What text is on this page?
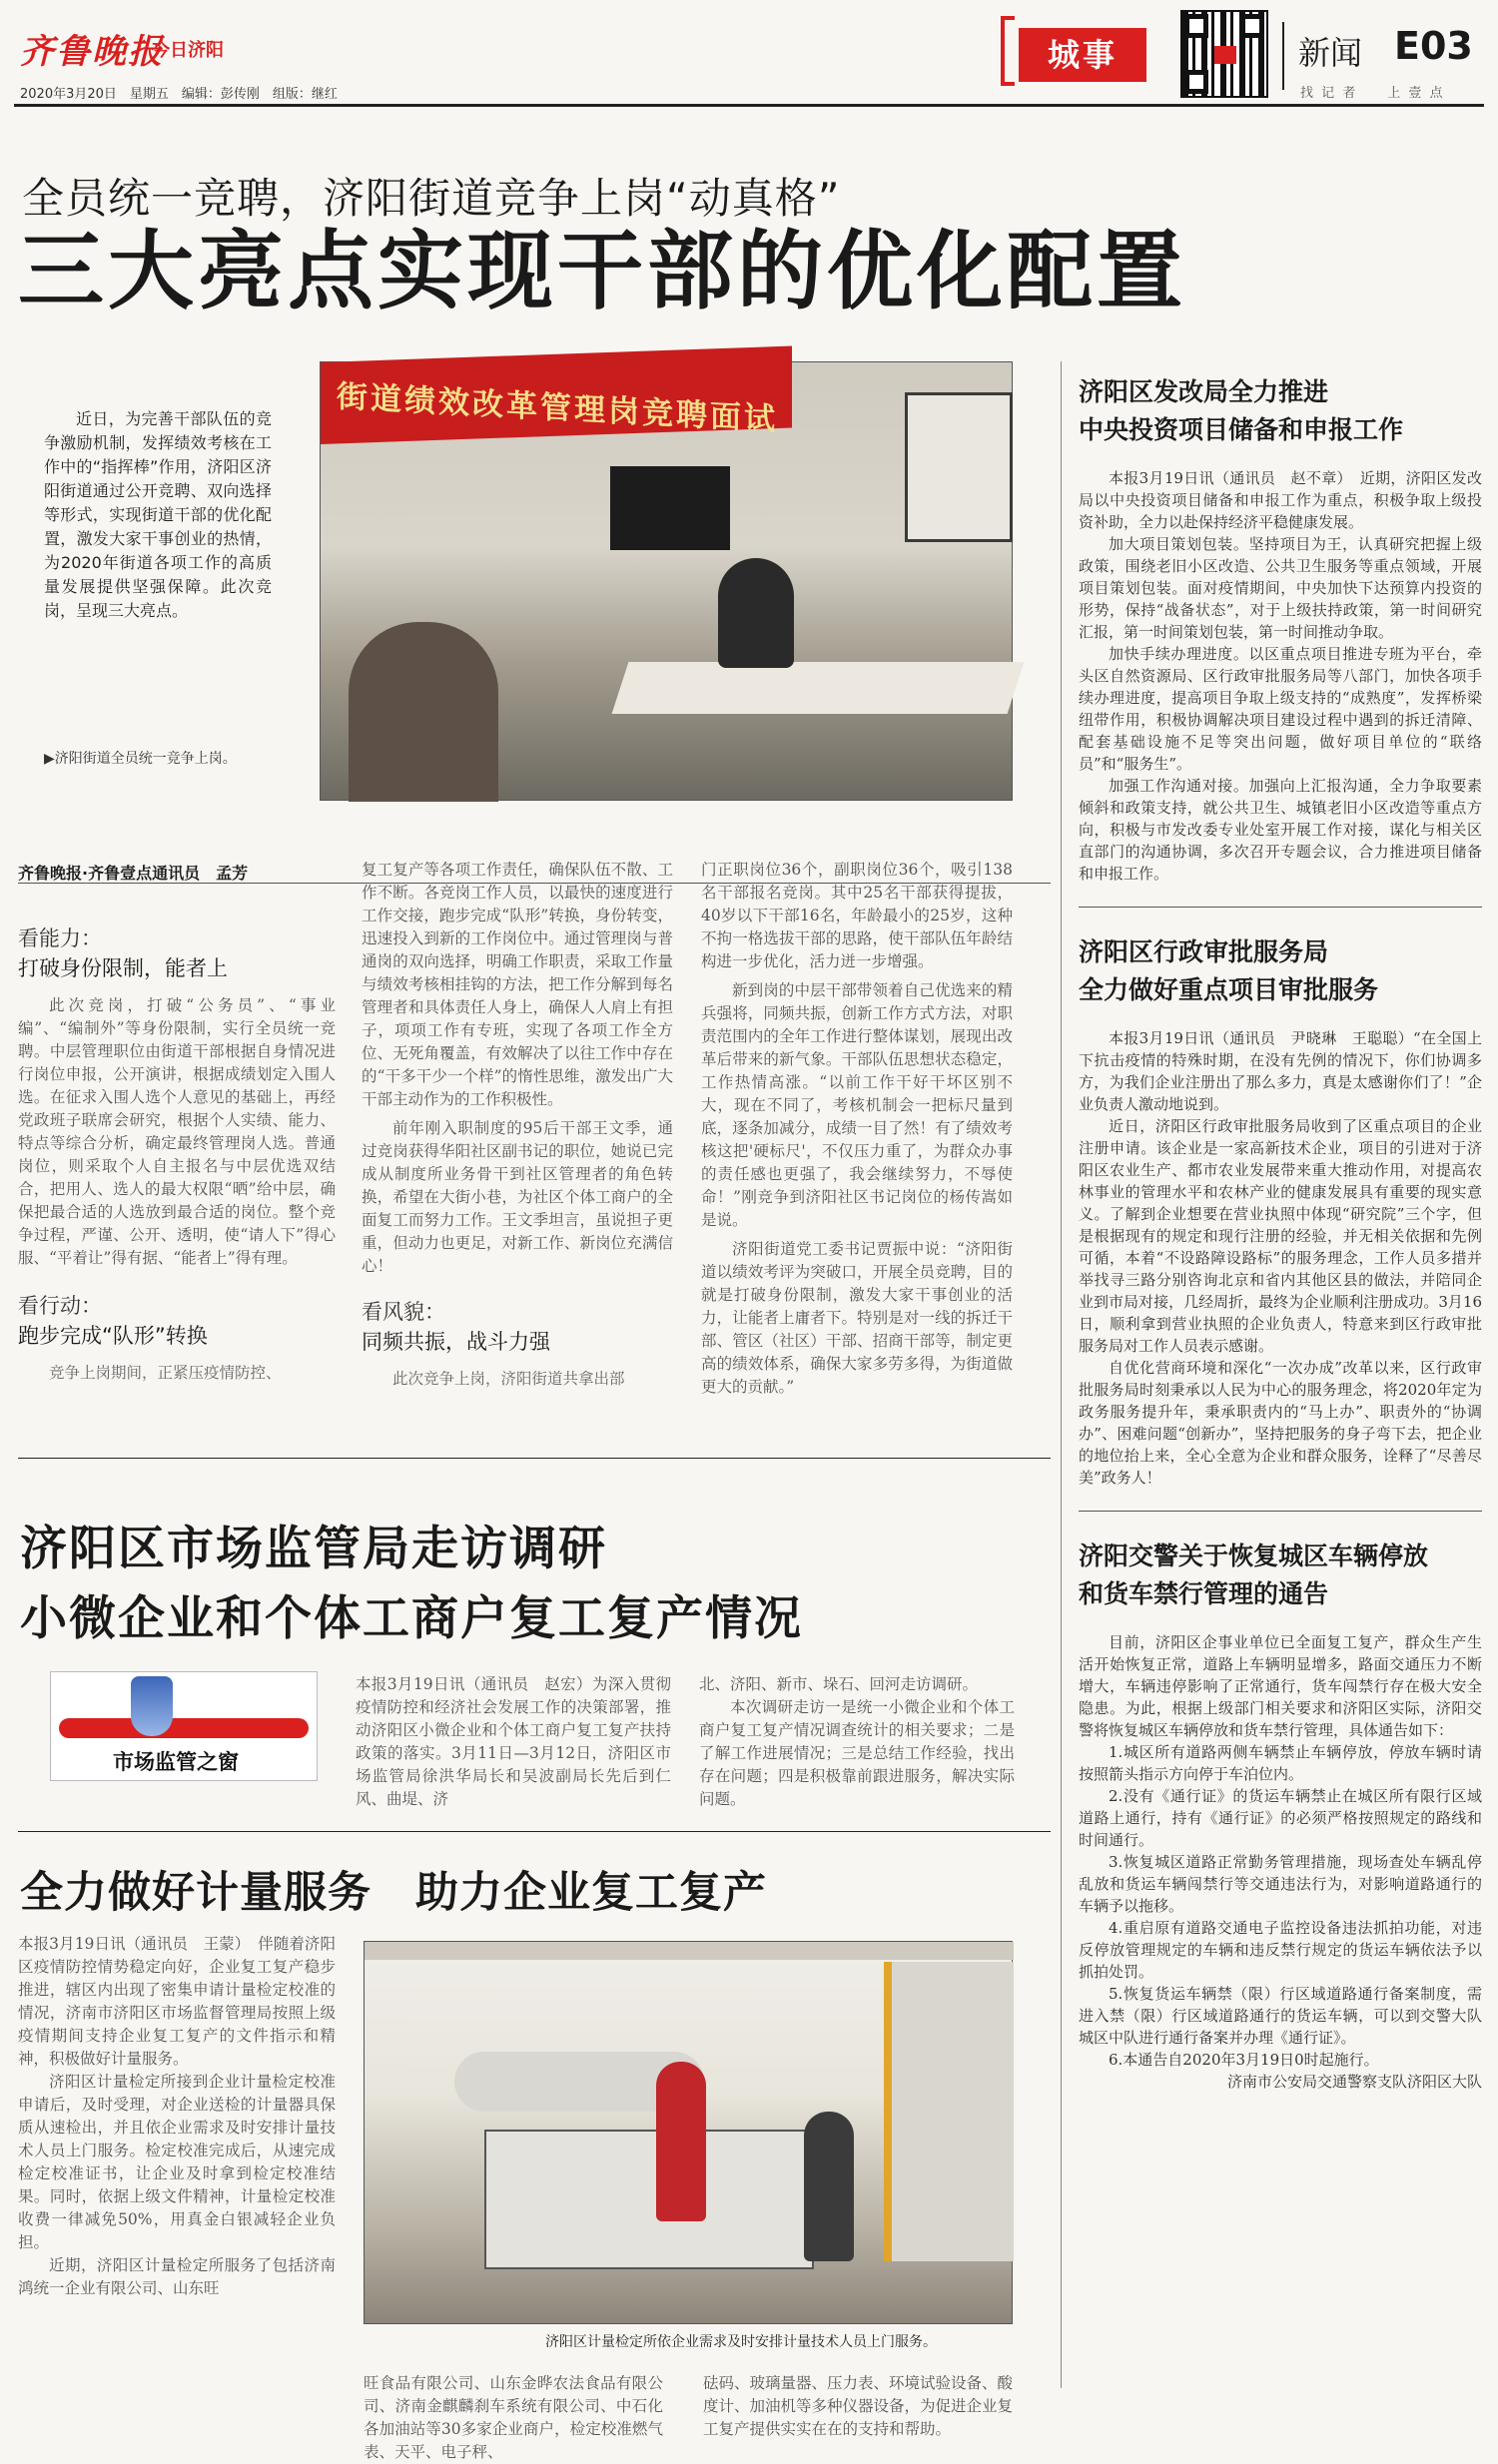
齐鲁晚报
今日济阳
2020年3月20日　星期五　编辑：彭传刚　组版：继红
城事	新闻 E03
找 记 者　　上 壹 点
全员统一竞聘，济阳街道竞争上岗“动真格”
三大亮点实现干部的优化配置
近日，为完善干部队伍的竞争激励机制，发挥绩效考核在工作中的“指挥棒”作用，济阳区济阳街道通过公开竞聘、双向选择等形式，实现街道干部的优化配置，激发大家干事创业的热情，为2020年街道各项工作的高质量发展提供坚强保障。此次竞岗，呈现三大亮点。
▶济阳街道全员统一竞争上岗。
街道绩效改革管理岗竞聘面试
齐鲁晚报·齐鲁壹点通讯员　孟芳
看能力：
打破身份限制，能者上
此次竞岗，打破“公务员”、“事业编”、“编制外”等身份限制，实行全员统一竞聘。中层管理职位由街道干部根据自身情况进行岗位申报，公开演讲，根据成绩划定入围人选。在征求入围人选个人意见的基础上，再经党政班子联席会研究，根据个人实绩、能力、特点等综合分析，确定最终管理岗人选。普通岗位，则采取个人自主报名与中层优选双结合，把用人、选人的最大权限“晒”给中层，确保把最合适的人选放到最合适的岗位。整个竞争过程，严谨、公开、透明，使“请人下”得心服、“平着让”得有据、“能者上”得有理。
看行动：
跑步完成“队形”转换
竞争上岗期间，正紧压疫情防控、
复工复产等各项工作责任，确保队伍不散、工作不断。各竞岗工作人员，以最快的速度进行工作交接，跑步完成“队形”转换，身份转变，迅速投入到新的工作岗位中。通过管理岗与普通岗的双向选择，明确工作职责，采取工作量与绩效考核相挂钩的方法，把工作分解到每名管理者和具体责任人身上，确保人人肩上有担子，项项工作有专班，实现了各项工作全方位、无死角覆盖，有效解决了以往工作中存在的“干多干少一个样”的惰性思维，激发出广大干部主动作为的工作积极性。
前年刚入职制度的95后干部王文季，通过竞岗获得华阳社区副书记的职位，她说已完成从制度所业务骨干到社区管理者的角色转换，希望在大街小巷，为社区个体工商户的全面复工而努力工作。王文季坦言，虽说担子更重，但动力也更足，对新工作、新岗位充满信心！
看风貌：
同频共振，战斗力强
此次竞争上岗，济阳街道共拿出部
门正职岗位36个，副职岗位36个，吸引138名干部报名竞岗。其中25名干部获得提拔，40岁以下干部16名，年龄最小的25岁，这种不拘一格选拔干部的思路，使干部队伍年龄结构进一步优化，活力迸一步增强。
新到岗的中层干部带领着自己优选来的精兵强将，同频共振，创新工作方式方法，对职责范围内的全年工作进行整体谋划，展现出改革后带来的新气象。干部队伍思想状态稳定，工作热情高涨。“以前工作干好干坏区别不大，现在不同了，考核机制会一把标尺量到底，逐条加减分，成绩一目了然！有了绩效考核这把'硬标尺'，不仅压力重了，为群众办事的责任感也更强了，我会继续努力，不辱使命！”刚竞争到济阳社区书记岗位的杨传嵩如是说。
济阳街道党工委书记贾振中说：“济阳街道以绩效考评为突破口，开展全员竞聘，目的就是打破身份限制，激发大家干事创业的活力，让能者上庸者下。特别是对一线的拆迁干部、管区（社区）干部、招商干部等，制定更高的绩效体系，确保大家多劳多得，为街道做更大的贡献。”
济阳区市场监管局走访调研
小微企业和个体工商户复工复产情况
市场监管之窗
本报3月19日讯（通讯员　赵宏）为深入贯彻疫情防控和经济社会发展工作的决策部署，推动济阳区小微企业和个体工商户复工复产扶持政策的落实。3月11日—3月12日，济阳区市场监管局徐洪华局长和吴波副局长先后到仁风、曲堤、济
北、济阳、新市、垛石、回河走访调研。
本次调研走访一是统一小微企业和个体工商户复工复产情况调查统计的相关要求；二是了解工作进展情况；三是总结工作经验，找出存在问题；四是积极靠前跟进服务，解决实际问题。
全力做好计量服务　助力企业复工复产
本报3月19日讯（通讯员　王蒙）　伴随着济阳区疫情防控情势稳定向好，企业复工复产稳步推进，辖区内出现了密集申请计量检定校准的情况，济南市济阳区市场监督管理局按照上级疫情期间支持企业复工复产的文件指示和精神，积极做好计量服务。
济阳区计量检定所接到企业计量检定校准申请后，及时受理，对企业送检的计量器具保质从速检出，并且依企业需求及时安排计量技术人员上门服务。检定校准完成后，从速完成检定校准证书，让企业及时拿到检定校准结果。同时，依据上级文件精神，计量检定校准收费一律减免50%，用真金白银减轻企业负担。
近期，济阳区计量检定所服务了包括济南鸿统一企业有限公司、山东旺
济阳区计量检定所依企业需求及时安排计量技术人员上门服务。
旺食品有限公司、山东金晔农法食品有限公司、济南金麒麟刹车系统有限公司、中石化各加油站等30多家企业商户，检定校准燃气表、天平、电子秤、
砝码、玻璃量器、压力表、环境试验设备、酸度计、加油机等多种仪器设备，为促进企业复工复产提供实实在在的支持和帮助。
济阳区发改局全力推进
中央投资项目储备和申报工作
本报3月19日讯（通讯员　赵不章）　近期，济阳区发改局以中央投资项目储备和申报工作为重点，积极争取上级投资补助，全力以赴保持经济平稳健康发展。
加大项目策划包装。坚持项目为王，认真研究把握上级政策，围绕老旧小区改造、公共卫生服务等重点领域，开展项目策划包装。面对疫情期间，中央加快下达预算内投资的形势，保持“战备状态”，对于上级扶持政策，第一时间研究汇报，第一时间策划包装，第一时间推动争取。
加快手续办理进度。以区重点项目推进专班为平台，牵头区自然资源局、区行政审批服务局等八部门，加快各项手续办理进度，提高项目争取上级支持的“成熟度”，发挥桥梁纽带作用，积极协调解决项目建设过程中遇到的拆迁清障、配套基础设施不足等突出问题，做好项目单位的“联络员”和“服务生”。
加强工作沟通对接。加强向上汇报沟通，全力争取要素倾斜和政策支持，就公共卫生、城镇老旧小区改造等重点方向，积极与市发改委专业处室开展工作对接，谋化与相关区直部门的沟通协调，多次召开专题会议，合力推进项目储备和申报工作。
济阳区行政审批服务局
全力做好重点项目审批服务
本报3月19日讯（通讯员　尹晓琳　王聪聪）“在全国上下抗击疫情的特殊时期，在没有先例的情况下，你们协调多方，为我们企业注册出了那么多力，真是太感谢你们了！”企业负责人激动地说到。
近日，济阳区行政审批服务局收到了区重点项目的企业注册申请。该企业是一家高新技术企业，项目的引进对于济阳区农业生产、都市农业发展带来重大推动作用，对提高农林事业的管理水平和农林产业的健康发展具有重要的现实意义。了解到企业想要在营业执照中体现“研究院”三个字，但是根据现有的规定和现行注册的经验，并无相关依据和先例可循，本着“不设路障设路标”的服务理念，工作人员多措并举找寻三路分别咨询北京和省内其他区县的做法，并陪同企业到市局对接，几经周折，最终为企业顺利注册成功。3月16日，顺利拿到营业执照的企业负责人，特意来到区行政审批服务局对工作人员表示感谢。
自优化营商环境和深化“一次办成”改革以来，区行政审批服务局时刻秉承以人民为中心的服务理念，将2020年定为政务服务提升年，秉承职责内的“马上办”、职责外的“协调办”、困难问题“创新办”，坚持把服务的身子弯下去，把企业的地位抬上来，全心全意为企业和群众服务，诠释了“尽善尽美”政务人！
济阳交警关于恢复城区车辆停放
和货车禁行管理的通告
目前，济阳区企事业单位已全面复工复产，群众生产生活开始恢复正常，道路上车辆明显增多，路面交通压力不断增大，车辆违停影响了正常通行，货车闯禁行存在极大安全隐患。为此，根据上级部门相关要求和济阳区实际，济阳交警将恢复城区车辆停放和货车禁行管理，具体通告如下：
1.城区所有道路两侧车辆禁止车辆停放，停放车辆时请按照箭头指示方向停于车泊位内。
2.没有《通行证》的货运车辆禁止在城区所有限行区域道路上通行，持有《通行证》的必须严格按照规定的路线和时间通行。
3.恢复城区道路正常勤务管理措施，现场查处车辆乱停乱放和货运车辆闯禁行等交通违法行为，对影响道路通行的车辆予以拖移。
4.重启原有道路交通电子监控设备违法抓拍功能，对违反停放管理规定的车辆和违反禁行规定的货运车辆依法予以抓拍处罚。
5.恢复货运车辆禁（限）行区域道路通行备案制度，需进入禁（限）行区域道路通行的货运车辆，可以到交警大队城区中队进行通行备案并办理《通行证》。
6.本通告自2020年3月19日0时起施行。
济南市公安局交通警察支队济阳区大队
